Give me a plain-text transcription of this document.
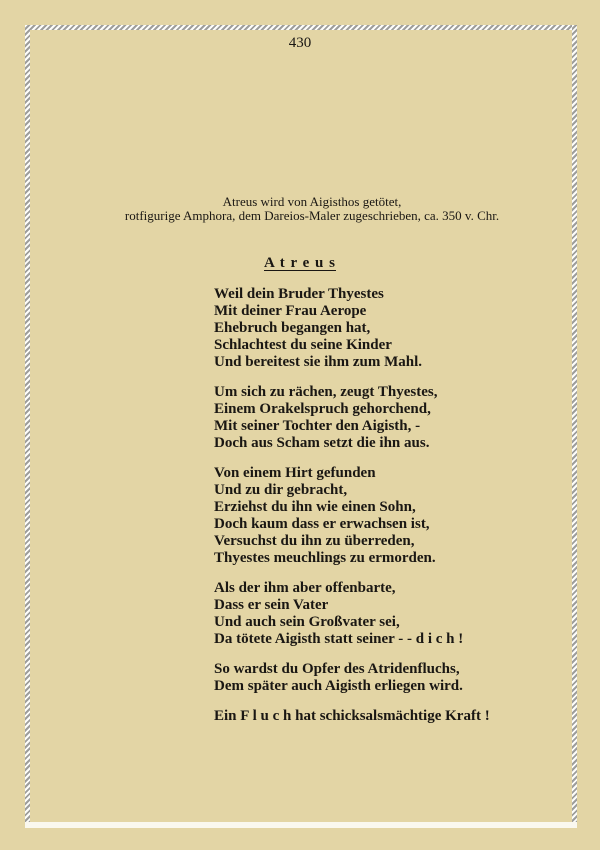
430
Atreus wird von Aigisthos getötet,
rotfigurige Amphora, dem Dareios-Maler zugeschrieben, ca. 350 v. Chr.
A t r e u s
Weil dein Bruder Thyestes
Mit deiner Frau Aerope
Ehebruch begangen hat,
Schlachtest du seine Kinder
Und bereitest sie ihm zum Mahl.
Um sich zu rächen, zeugt Thyestes,
Einem Orakelspruch gehorchend,
Mit seiner Tochter den Aigisth, -
Doch aus Scham setzt die ihn aus.
Von einem Hirt gefunden
Und zu dir gebracht,
Erziehst du ihn wie einen Sohn,
Doch kaum dass er erwachsen ist,
Versuchst du ihn zu überreden,
Thyestes meuchlings zu ermorden.
Als der ihm aber offenbarte,
Dass er sein Vater
Und auch sein Großvater sei,
Da tötete Aigisth statt seiner - - d i c h !
So wardst du Opfer des Atridenfluchs,
Dem später auch Aigisth erliegen wird.
Ein F l u c h hat schicksalsmächtige Kraft !
